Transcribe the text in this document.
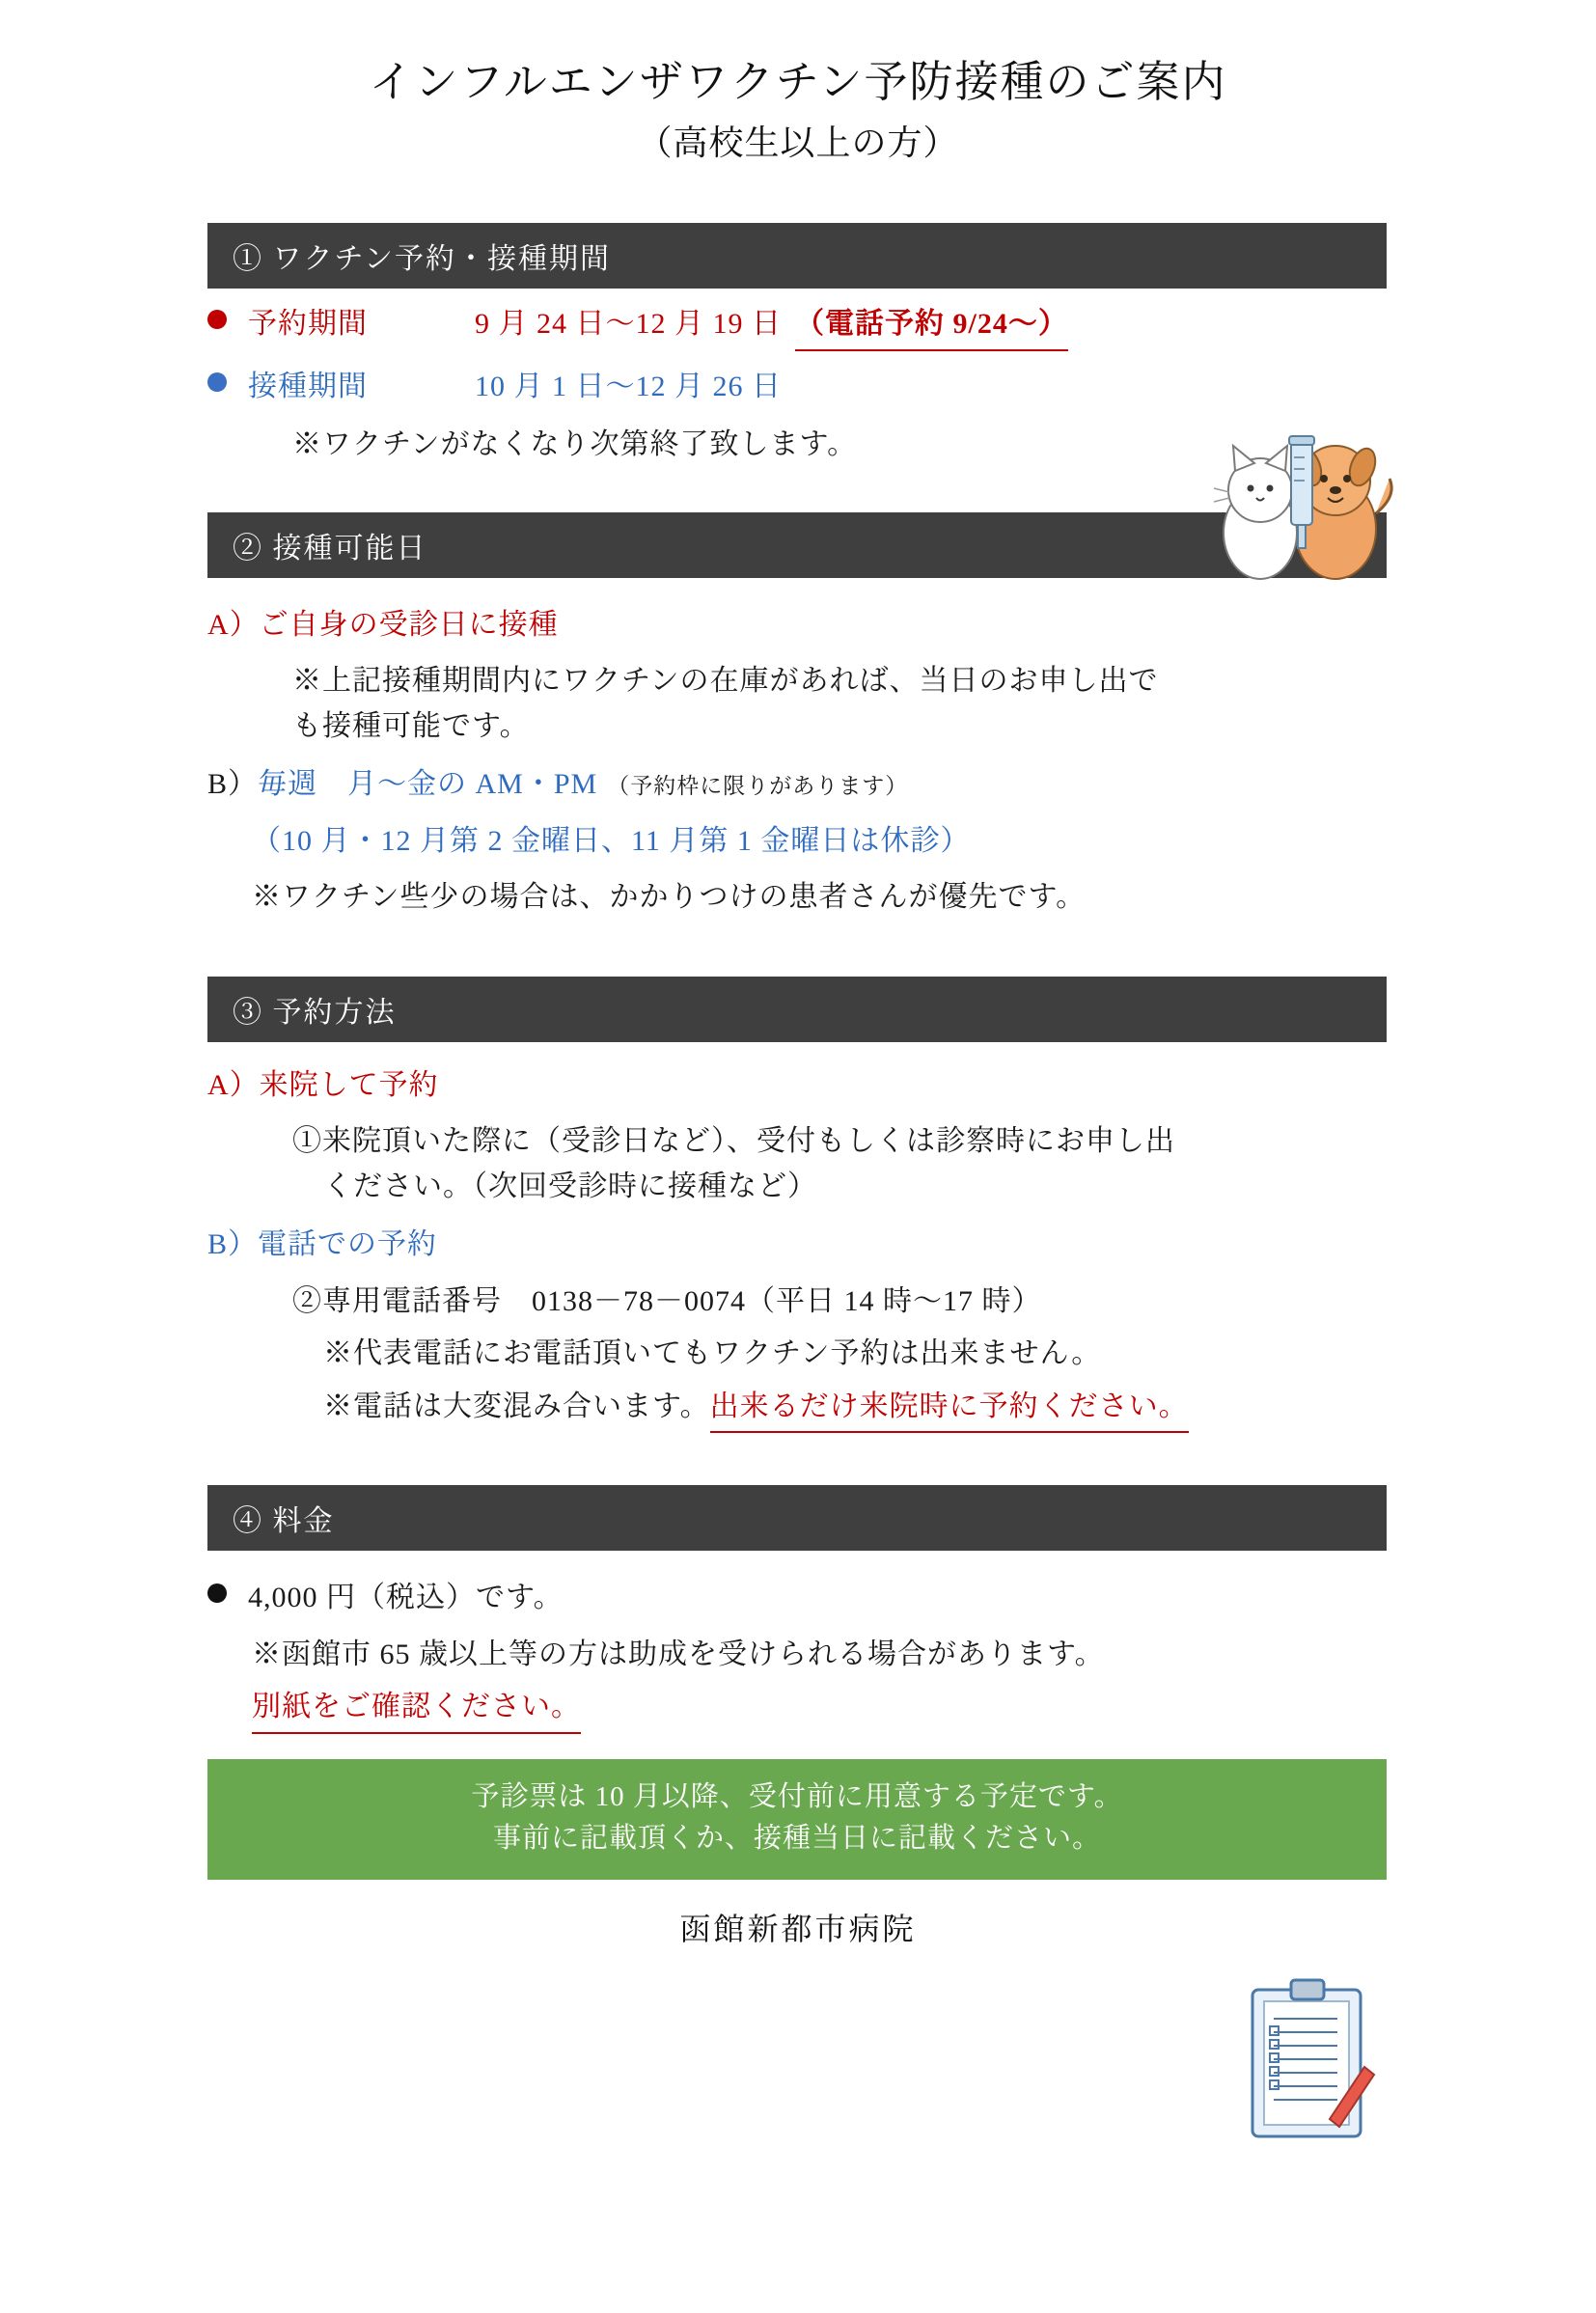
インフルエンザワクチン予防接種のご案内
（高校生以上の方）
① ワクチン予約・接種期間
予約期間	9 月 24 日〜12 月 19 日 （電話予約 9/24〜）
接種期間	10 月 1 日〜12 月 26 日
※ワクチンがなくなり次第終了致します。
② 接種可能日
A） ご自身の受診日に接種
※上記接種期間内にワクチンの在庫があれば、当日のお申し出で
も接種可能です。
B） 毎週　月〜金の AM・PM （予約枠に限りがあります）
（10 月・12 月第 2 金曜日、11 月第 1 金曜日は休診）
※ワクチン些少の場合は、かかりつけの患者さんが優先です。
③ 予約方法
A） 来院して予約
①来院頂いた際に（受診日など）、受付もしくは診察時にお申し出
ください。（次回受診時に接種など）
B） 電話での予約
②専用電話番号　0138－78－0074（平日 14 時〜17 時）
※代表電話にお電話頂いてもワクチン予約は出来ません。
※電話は大変混み合います。出来るだけ来院時に予約ください。
④ 料金
4,000 円（税込）です。
※函館市 65 歳以上等の方は助成を受けられる場合があります。
別紙をご確認ください。
予診票は 10 月以降、受付前に用意する予定です。
事前に記載頂くか、接種当日に記載ください。
函館新都市病院
